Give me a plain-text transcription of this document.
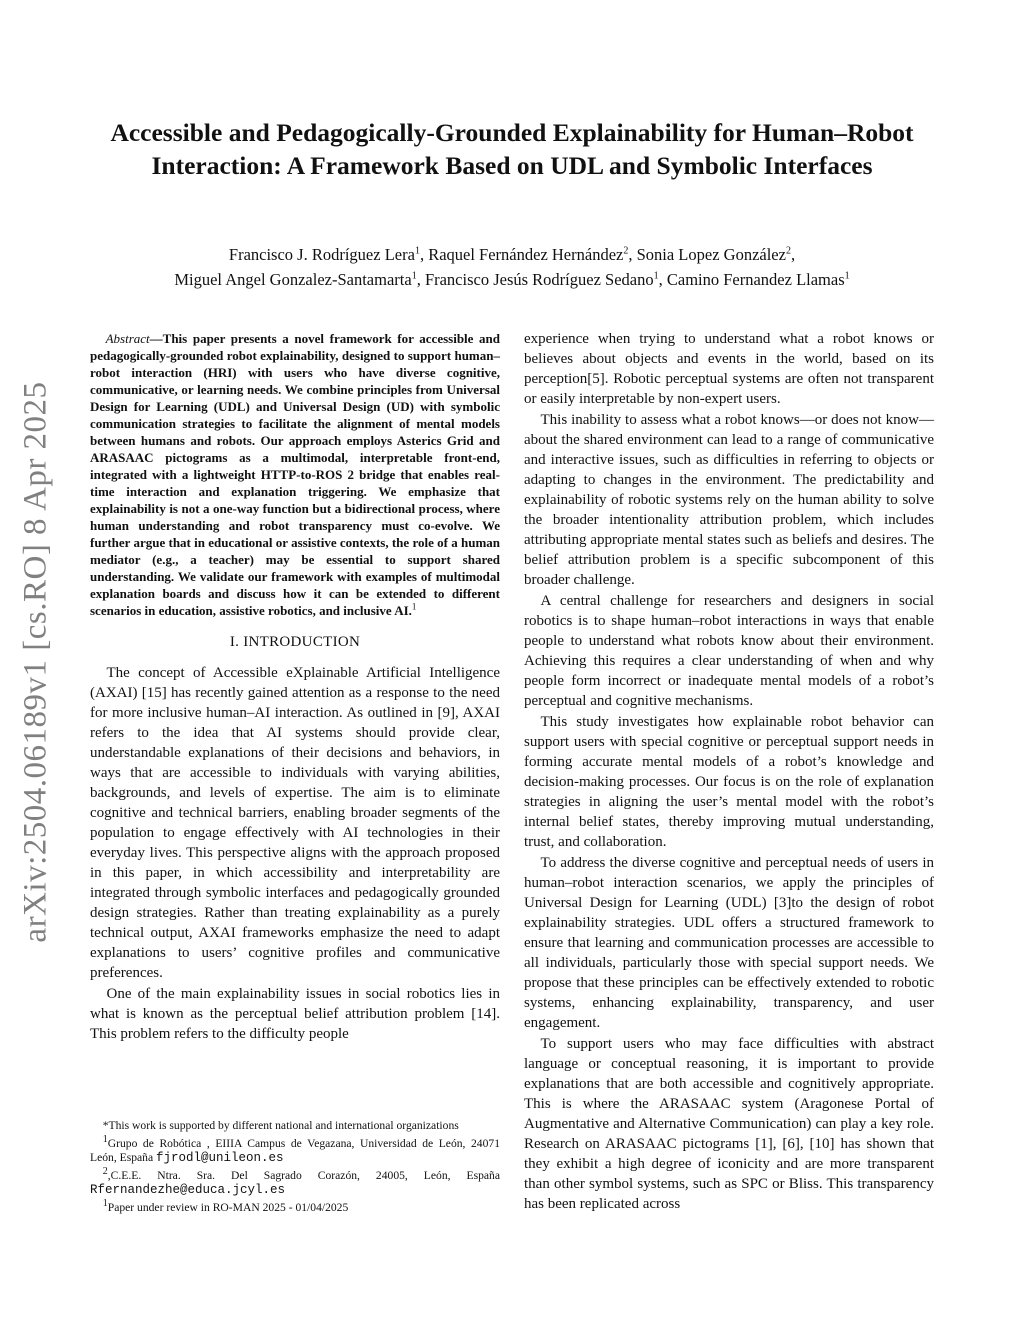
arXiv:2504.06189v1 [cs.RO] 8 Apr 2025
Accessible and Pedagogically-Grounded Explainability for Human–Robot Interaction: A Framework Based on UDL and Symbolic Interfaces
Francisco J. Rodríguez Lera$^1$, Raquel Fernández Hernández$^2$, Sonia Lopez González$^2$,
Miguel Angel Gonzalez-Santamarta$^1$, Francisco Jesús Rodríguez Sedano$^1$, Camino Fernandez Llamas$^1$

Abstract—This paper presents a novel framework for accessible and pedagogically-grounded robot explainability, designed to support human–robot interaction (HRI) with users who have diverse cognitive, communicative, or learning needs. We combine principles from Universal Design for Learning (UDL) and Universal Design (UD) with symbolic communication strategies to facilitate the alignment of mental models between humans and robots. Our approach employs Asterics Grid and ARASAAC pictograms as a multimodal, interpretable front-end, integrated with a lightweight HTTP-to-ROS 2 bridge that enables real-time interaction and explanation triggering. We emphasize that explainability is not a one-way function but a bidirectional process, where human understanding and robot transparency must co-evolve. We further argue that in educational or assistive contexts, the role of a human mediator (e.g., a teacher) may be essential to support shared understanding. We validate our framework with examples of multimodal explanation boards and discuss how it can be extended to different scenarios in education, assistive robotics, and inclusive AI.$^1$

I. INTRODUCTION

The concept of Accessible eXplainable Artificial Intelligence (AXAI) [15] has recently gained attention as a response to the need for more inclusive human–AI interaction. As outlined in [9], AXAI refers to the idea that AI systems should provide clear, understandable explanations of their decisions and behaviors, in ways that are accessible to individuals with varying abilities, backgrounds, and levels of expertise. The aim is to eliminate cognitive and technical barriers, enabling broader segments of the population to engage effectively with AI technologies in their everyday lives. This perspective aligns with the approach proposed in this paper, in which accessibility and interpretability are integrated through symbolic interfaces and pedagogically grounded design strategies. Rather than treating explainability as a purely technical output, AXAI frameworks emphasize the need to adapt explanations to users’ cognitive profiles and communicative preferences.

One of the main explainability issues in social robotics lies in what is known as the perceptual belief attribution problem [14]. This problem refers to the difficulty people

experience when trying to understand what a robot knows or believes about objects and events in the world, based on its perception[5]. Robotic perceptual systems are often not transparent or easily interpretable by non-expert users.

This inability to assess what a robot knows—or does not know—about the shared environment can lead to a range of communicative and interactive issues, such as difficulties in referring to objects or adapting to changes in the environment. The predictability and explainability of robotic systems rely on the human ability to solve the broader intentionality attribution problem, which includes attributing appropriate mental states such as beliefs and desires. The belief attribution problem is a specific subcomponent of this broader challenge.

A central challenge for researchers and designers in social robotics is to shape human–robot interactions in ways that enable people to understand what robots know about their environment. Achieving this requires a clear understanding of when and why people form incorrect or inadequate mental models of a robot’s perceptual and cognitive mechanisms.

This study investigates how explainable robot behavior can support users with special cognitive or perceptual support needs in forming accurate mental models of a robot’s knowledge and decision-making processes. Our focus is on the role of explanation strategies in aligning the user’s mental model with the robot’s internal belief states, thereby improving mutual understanding, trust, and collaboration.

To address the diverse cognitive and perceptual needs of users in human–robot interaction scenarios, we apply the principles of Universal Design for Learning (UDL) [3]to the design of robot explainability strategies. UDL offers a structured framework to ensure that learning and communication processes are accessible to all individuals, particularly those with special support needs. We propose that these principles can be effectively extended to robotic systems, enhancing explainability, transparency, and user engagement.

To support users who may face difficulties with abstract language or conceptual reasoning, it is important to provide explanations that are both accessible and cognitively appropriate. This is where the ARASAAC system (Aragonese Portal of Augmentative and Alternative Communication) can play a key role. Research on ARASAAC pictograms [1], [6], [10] has shown that they exhibit a high degree of iconicity and are more transparent than other symbol systems, such as SPC or Bliss. This transparency has been replicated across

*This work is supported by different national and international organizations

$^1$Grupo de Robótica , EIIIA Campus de Vegazana, Universidad de León, 24071 León, España fjrodl@unileon.es

$^2$,C.E.E. Ntra. Sra. Del Sagrado Corazón, 24005, León, España Rfernandezhe@educa.jcyl.es

$^1$Paper under review in RO-MAN 2025 - 01/04/2025
